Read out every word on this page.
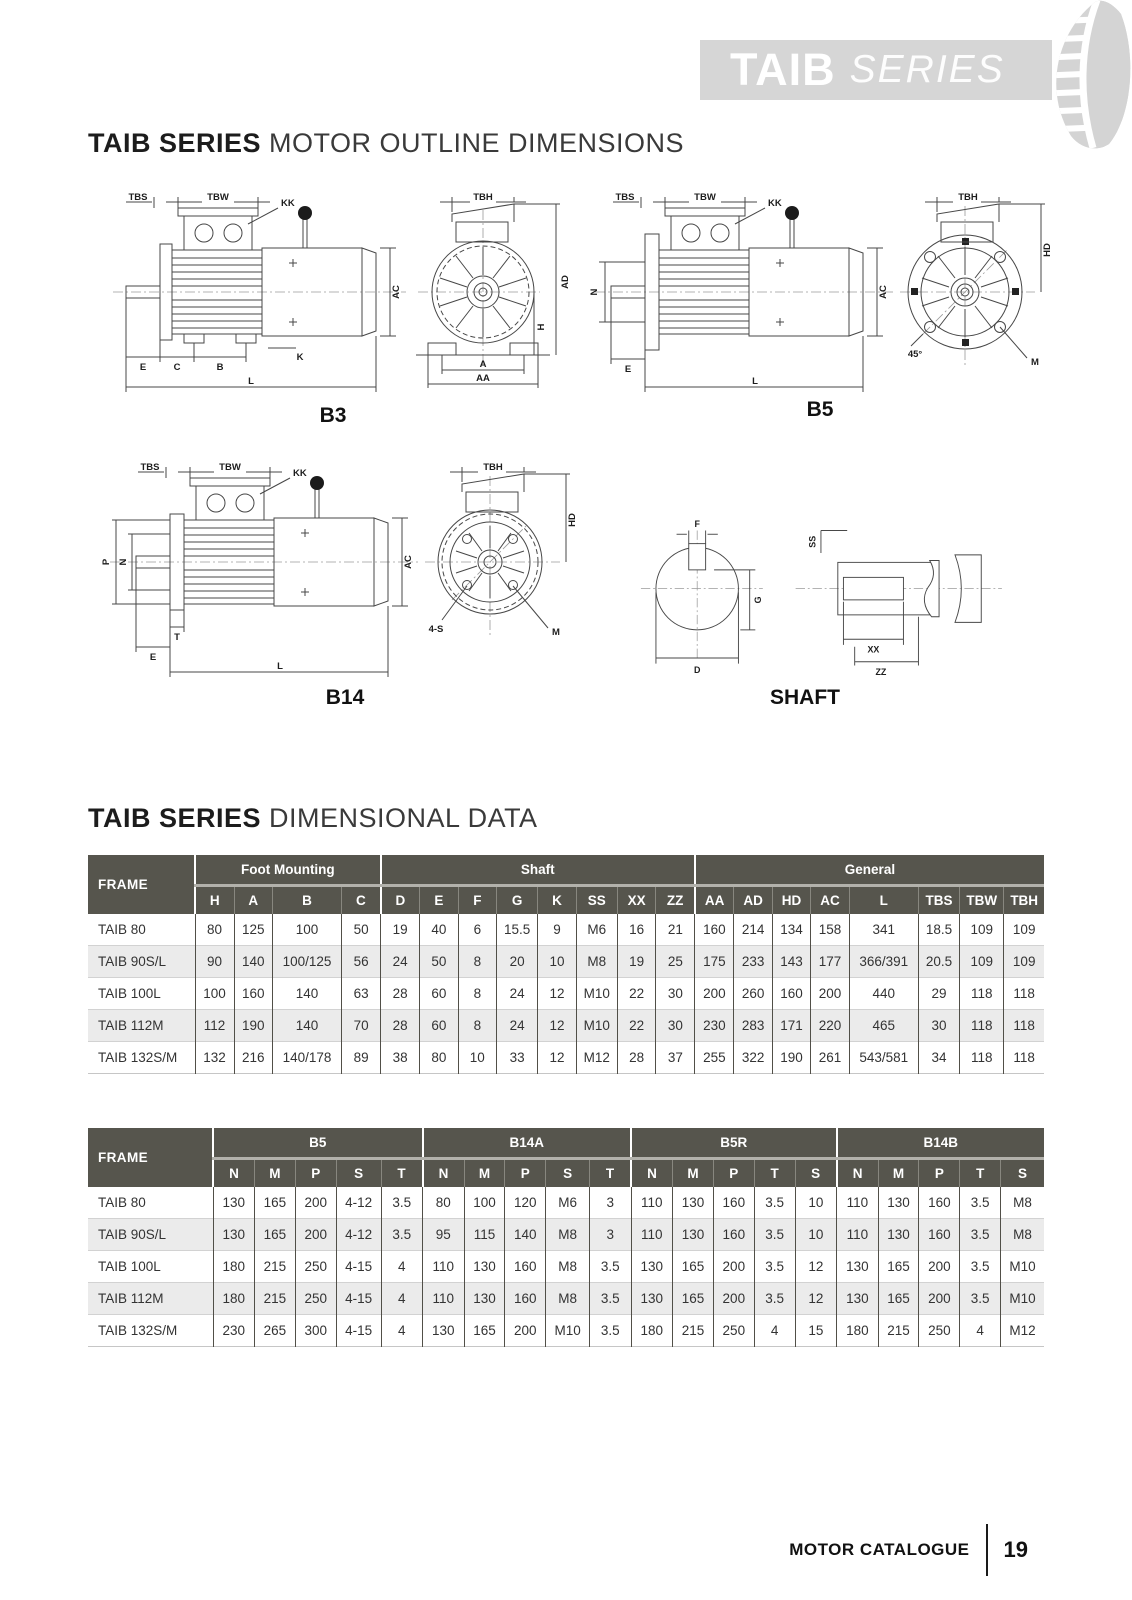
TAIB SERIES
TAIB SERIES MOTOR OUTLINE DIMENSIONS
TBS	TBW
KK
AC
E	C	B
K
L
TBH
A
AA
H
AD
B3
TBS	TBW
KK
N	AC
E
L
TBH
HD
45°
M
B5
TBS	TBW
KK
P N	AC
T
E
L
TBH
HD
4-S	M
B14
F
G
D
SS
XX
ZZ
SHAFT
TAIB SERIES DIMENSIONAL DATA
FRAME	Foot Mounting				Shaft								General							
	H	A	B	C	D	E	F	G	K	SS	XX	ZZ	AA	AD	HD	AC	L	TBS	TBW	TBH
TAIB 80	80	125	100	50	19	40	6	15.5	9	M6	16	21	160	214	134	158	341	18.5	109	109
TAIB 90S/L	90	140	100/125	56	24	50	8	20	10	M8	19	25	175	233	143	177	366/391	20.5	109	109
TAIB 100L	100	160	140	63	28	60	8	24	12	M10	22	30	200	260	160	200	440	29	118	118
TAIB 112M	112	190	140	70	28	60	8	24	12	M10	22	30	230	283	171	220	465	30	118	118
TAIB 132S/M	132	216	140/178	89	38	80	10	33	12	M12	28	37	255	322	190	261	543/581	34	118	118
FRAME	B5					B14A					B5R					B14B				
	N	M	P	S	T	N	M	P	S	T	N	M	P	T	S	N	M	P	T	S
TAIB 80	130	165	200	4-12	3.5	80	100	120	M6	3	110	130	160	3.5	10	110	130	160	3.5	M8
TAIB 90S/L	130	165	200	4-12	3.5	95	115	140	M8	3	110	130	160	3.5	10	110	130	160	3.5	M8
TAIB 100L	180	215	250	4-15	4	110	130	160	M8	3.5	130	165	200	3.5	12	130	165	200	3.5	M10
TAIB 112M	180	215	250	4-15	4	110	130	160	M8	3.5	130	165	200	3.5	12	130	165	200	3.5	M10
TAIB 132S/M	230	265	300	4-15	4	130	165	200	M10	3.5	180	215	250	4	15	180	215	250	4	M12
MOTOR CATALOGUE 19
